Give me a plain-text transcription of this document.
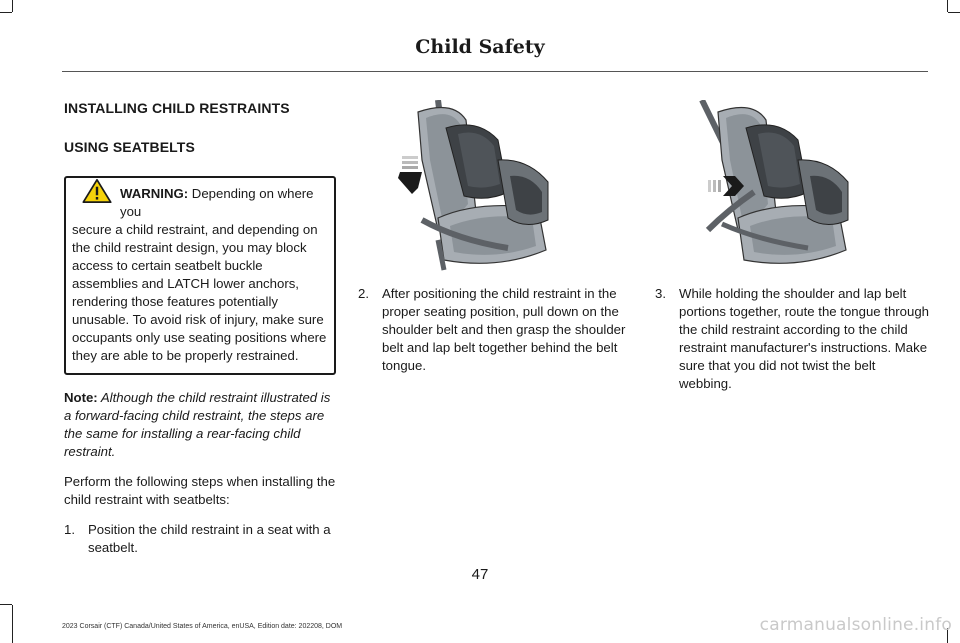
Child Safety
INSTALLING CHILD RESTRAINTS
USING SEATBELTS
WARNING: Depending on where you
secure a child restraint, and depending on the child restraint design, you may block access to certain seatbelt buckle assemblies and LATCH lower anchors, rendering those features potentially unusable. To avoid risk of injury, make sure occupants only use seating positions where they are able to be properly restrained.
Note: Although the child restraint illustrated is a forward-facing child restraint, the steps are the same for installing a rear-facing child restraint.
Perform the following steps when installing the child restraint with seatbelts:
1. Position the child restraint in a seat with a seatbelt.
2. After positioning the child restraint in the proper seating position, pull down on the shoulder belt and then grasp the shoulder belt and lap belt together behind the belt tongue.
3. While holding the shoulder and lap belt portions together, route the tongue through the child restraint according to the child restraint manufacturer's instructions. Make sure that you did not twist the belt webbing.
47
2023 Corsair (CTF) Canada/United States of America, enUSA, Edition date: 202208, DOM	carmanualsonline.info
